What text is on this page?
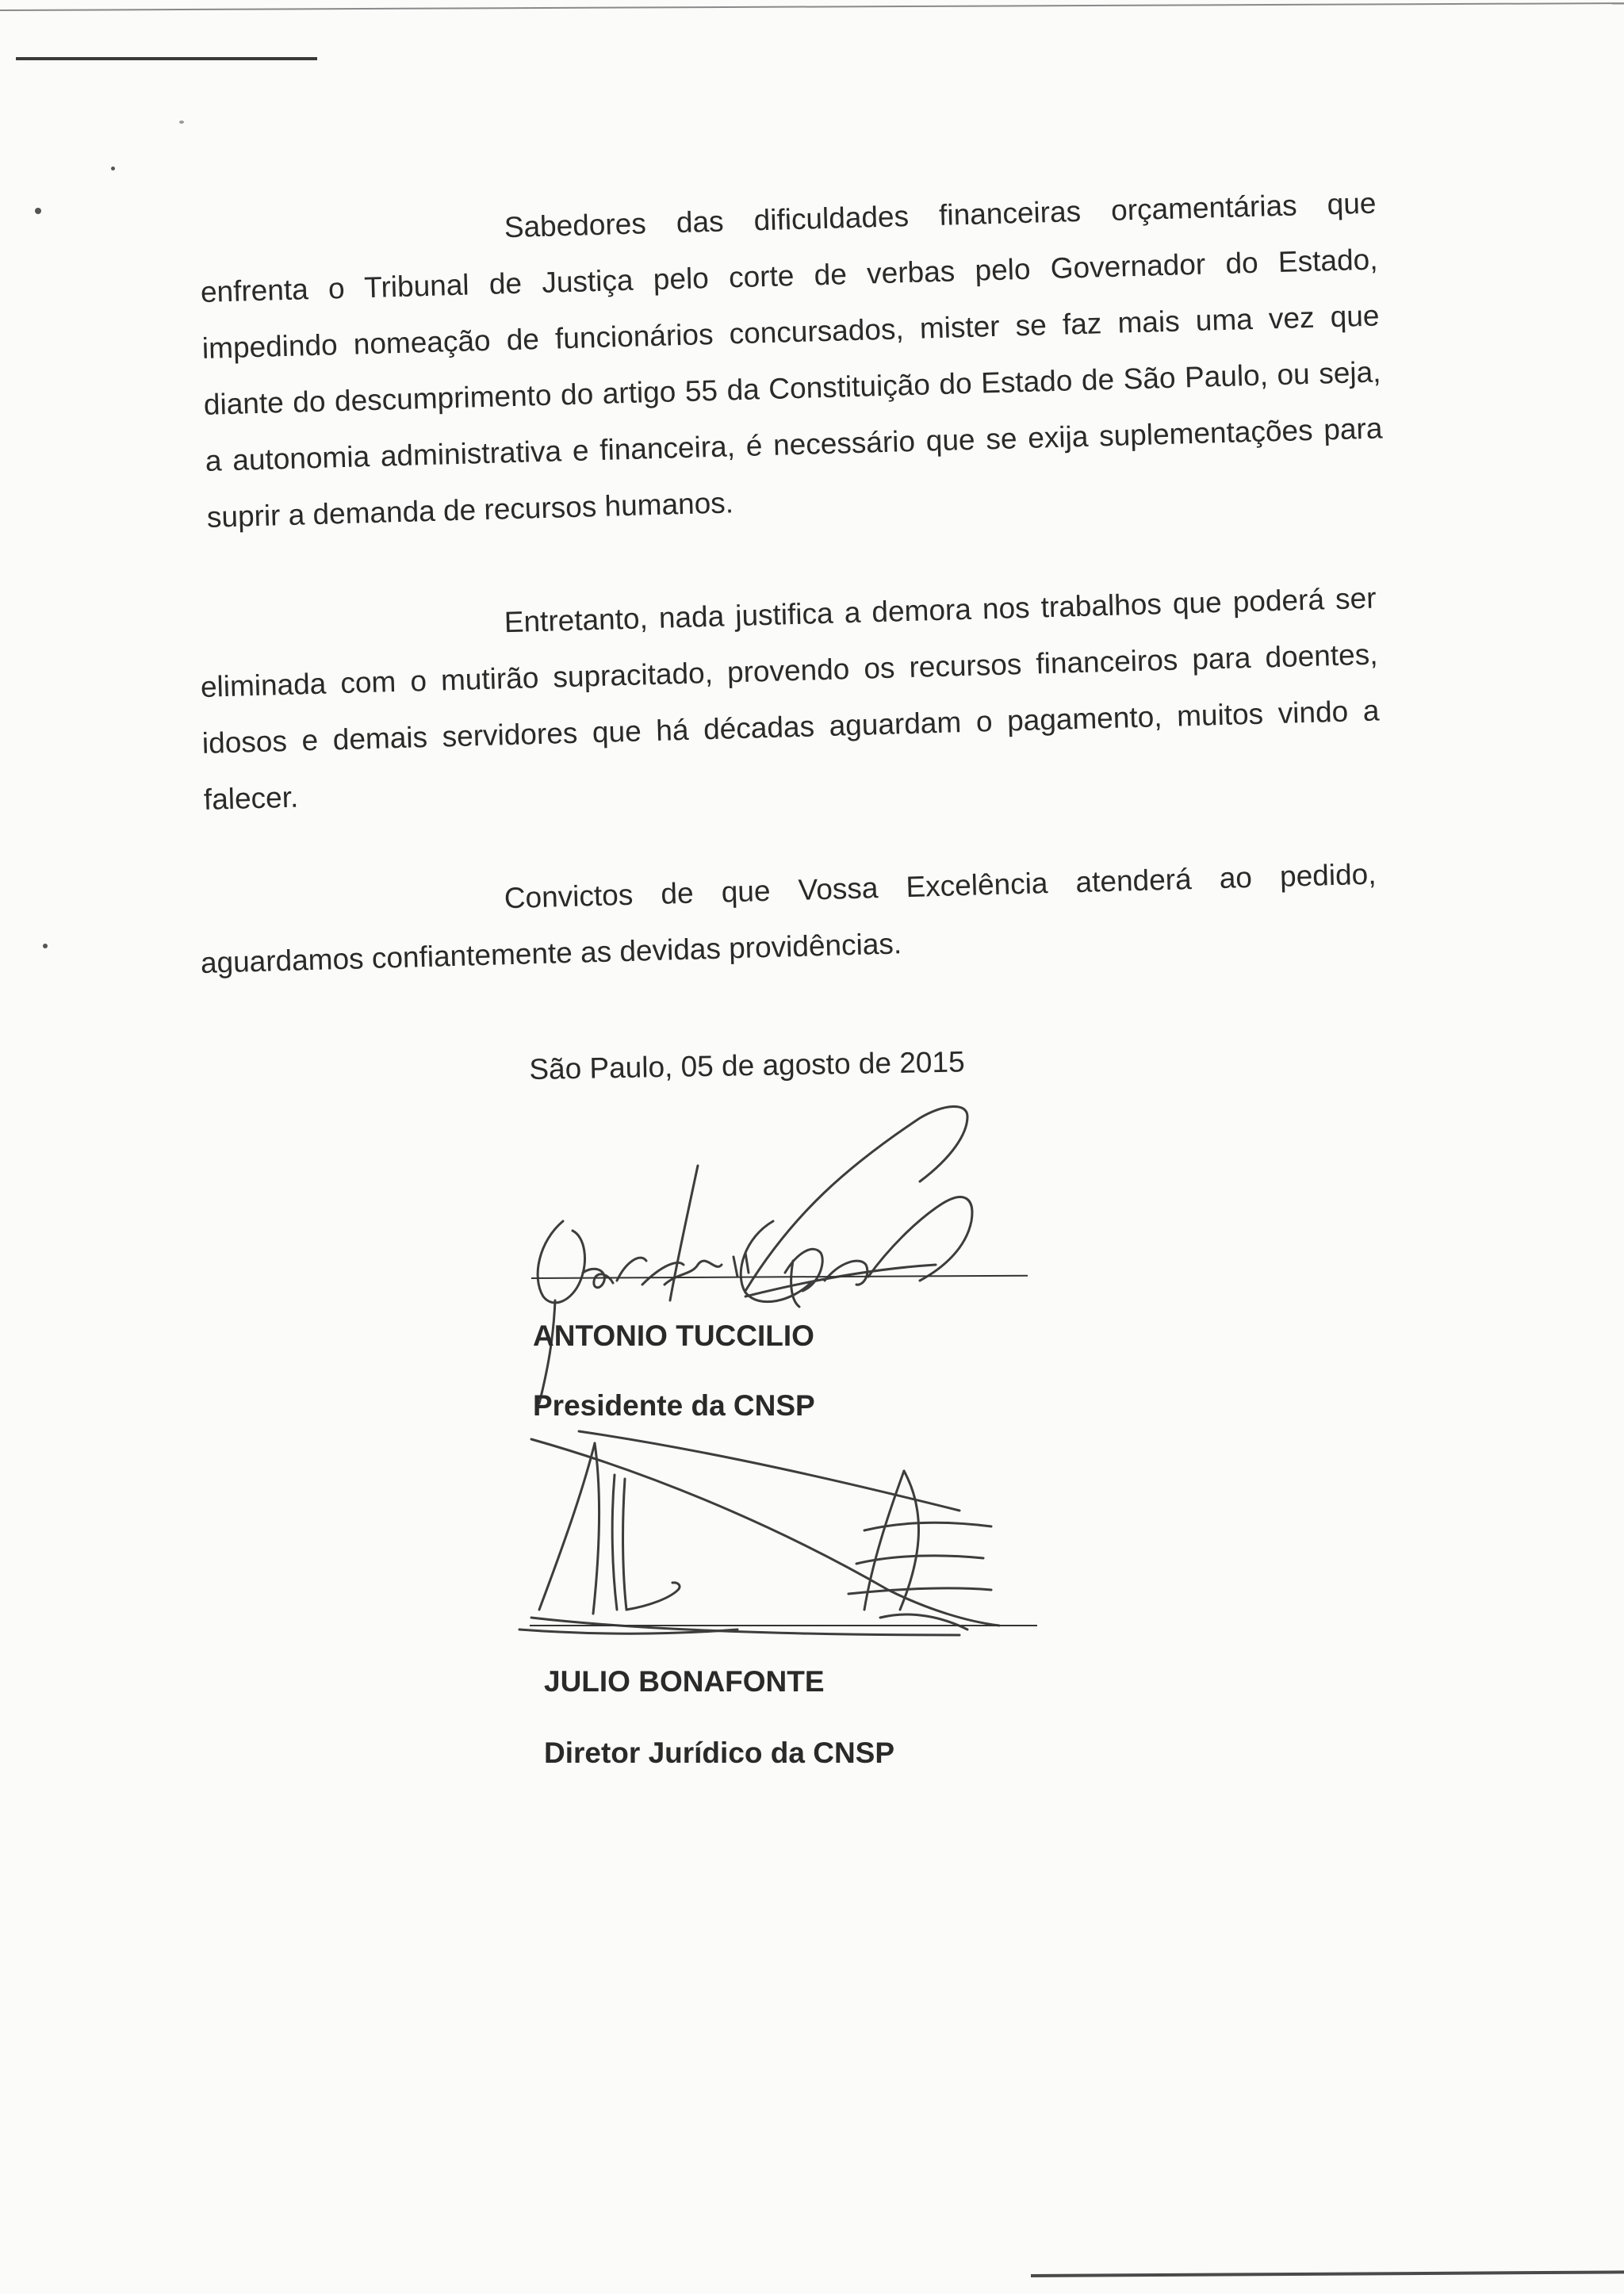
Sabedores das dificuldades financeiras orçamentárias que enfrenta o Tribunal de Justiça pelo corte de verbas pelo Governador do Estado, impedindo nomeação de funcionários concursados, mister se faz mais uma vez que diante do descumprimento do artigo 55 da Constituição do Estado de São Paulo, ou seja, a autonomia administrativa e financeira, é necessário que se exija suplementações para suprir a demanda de recursos humanos.

Entretanto, nada justifica a demora nos trabalhos que poderá ser eliminada com o mutirão supracitado, provendo os recursos financeiros para doentes, idosos e demais servidores que há décadas aguardam o pagamento, muitos vindo a falecer.

Convictos de que Vossa Excelência atenderá ao pedido, aguardamos confiantemente as devidas providências.

São Paulo, 05 de agosto de 2015
ANTONIO TUCCILIO
Presidente da CNSP
JULIO BONAFONTE
Diretor Jurídico da CNSP
